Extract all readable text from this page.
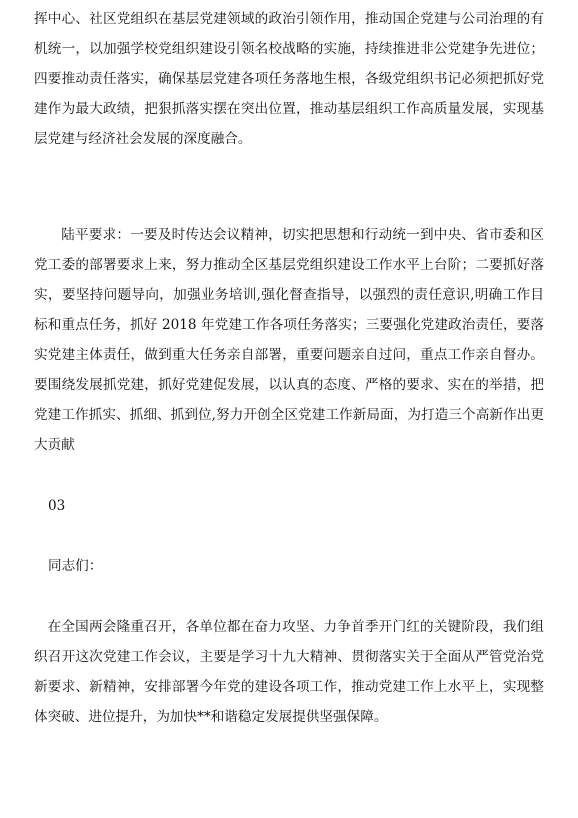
挥中心、社区党组织在基层党建领域的政治引领作用，推动国企党建与公司治理的有机统一，以加强学校党组织建设引领名校战略的实施，持续推进非公党建争先进位；四要推动责任落实，确保基层党建各项任务落地生根，各级党组织书记必须把抓好党建作为最大政绩，把狠抓落实摆在突出位置，推动基层组织工作高质量发展，实现基层党建与经济社会发展的深度融合。

陆平要求：一要及时传达会议精神，切实把思想和行动统一到中央、省市委和区党工委的部署要求上来，努力推动全区基层党组织建设工作水平上台阶；二要抓好落实，要坚持问题导向，加强业务培训,强化督查指导，以强烈的责任意识,明确工作目标和重点任务，抓好 2018 年党建工作各项任务落实；三要强化党建政治责任，要落实党建主体责任，做到重大任务亲自部署，重要问题亲自过问，重点工作亲自督办。要围绕发展抓党建，抓好党建促发展，以认真的态度、严格的要求、实在的举措，把党建工作抓实、抓细、抓到位,努力开创全区党建工作新局面，为打造三个高新作出更大贡献

03

同志们：

在全国两会隆重召开，各单位都在奋力攻坚、力争首季开门红的关键阶段，我们组织召开这次党建工作会议，主要是学习十九大精神、贯彻落实关于全面从严管党治党新要求、新精神，安排部署今年党的建设各项工作，推动党建工作上水平上，实现整体突破、进位提升，为加快**和谐稳定发展提供坚强保障。
